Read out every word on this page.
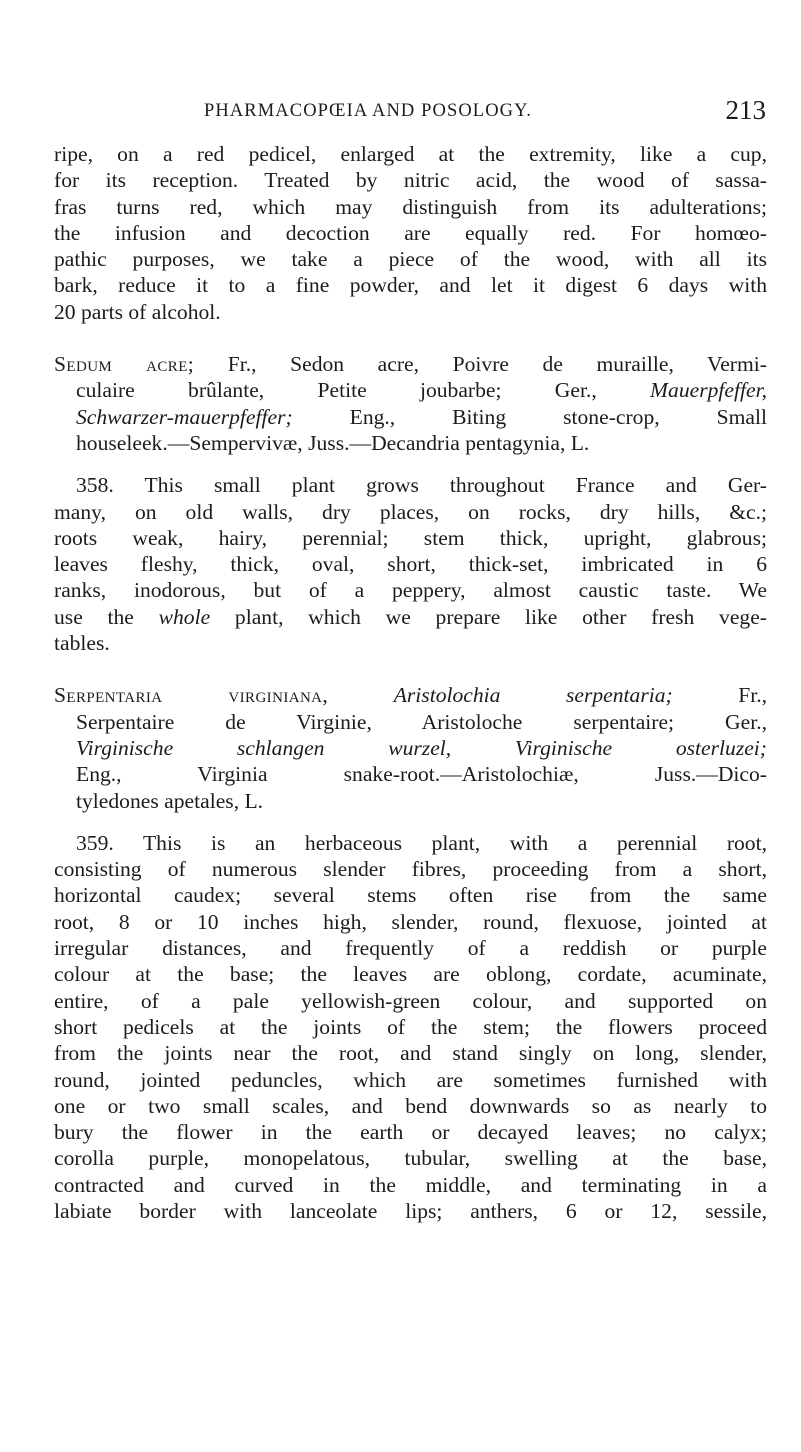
PHARMACOPŒIA AND POSOLOGY.	213
ripe, on a red pedicel, enlarged at the extremity, like a cup,
for its reception. Treated by nitric acid, the wood of sassa-
fras turns red, which may distinguish from its adulterations;
the infusion and decoction are equally red. For homœo-
pathic purposes, we take a piece of the wood, with all its
bark, reduce it to a fine powder, and let it digest 6 days with
20 parts of alcohol.
Sedum acre; Fr., Sedon acre, Poivre de muraille, Vermi-
culaire brûlante, Petite joubarbe; Ger., Mauerpfeffer,
Schwarzer-mauerpfeffer; Eng., Biting stone-crop, Small
houseleek.—Sempervivæ, Juss.—Decandria pentagynia, L.
358. This small plant grows throughout France and Ger-
many, on old walls, dry places, on rocks, dry hills, &c.;
roots weak, hairy, perennial; stem thick, upright, glabrous;
leaves fleshy, thick, oval, short, thick-set, imbricated in 6
ranks, inodorous, but of a peppery, almost caustic taste. We
use the whole plant, which we prepare like other fresh vege-
tables.
Serpentaria virginiana,	Aristolochia serpentaria; Fr.,
Serpentaire de Virginie, Aristoloche serpentaire; Ger.,
Virginische schlangen wurzel, Virginische osterluzei;
Eng., Virginia snake-root.—Aristolochiæ, Juss.—Dico-
tyledones apetales, L.
359. This is an herbaceous plant, with a perennial root,
consisting of numerous slender fibres, proceeding from a short,
horizontal caudex; several stems often rise from the same
root, 8 or 10 inches high, slender, round, flexuose, jointed at
irregular distances, and frequently of a reddish or purple
colour at the base; the leaves are oblong, cordate, acuminate,
entire, of a pale yellowish-green colour, and supported on
short pedicels at the joints of the stem; the flowers proceed
from the joints near the root, and stand singly on long, slender,
round, jointed peduncles, which are sometimes furnished with
one or two small scales, and bend downwards so as nearly to
bury the flower in the earth or decayed leaves; no calyx;
corolla purple, monopelatous, tubular, swelling at the base,
contracted and curved in the middle, and terminating in a
labiate border with lanceolate lips; anthers, 6 or 12, sessile,
